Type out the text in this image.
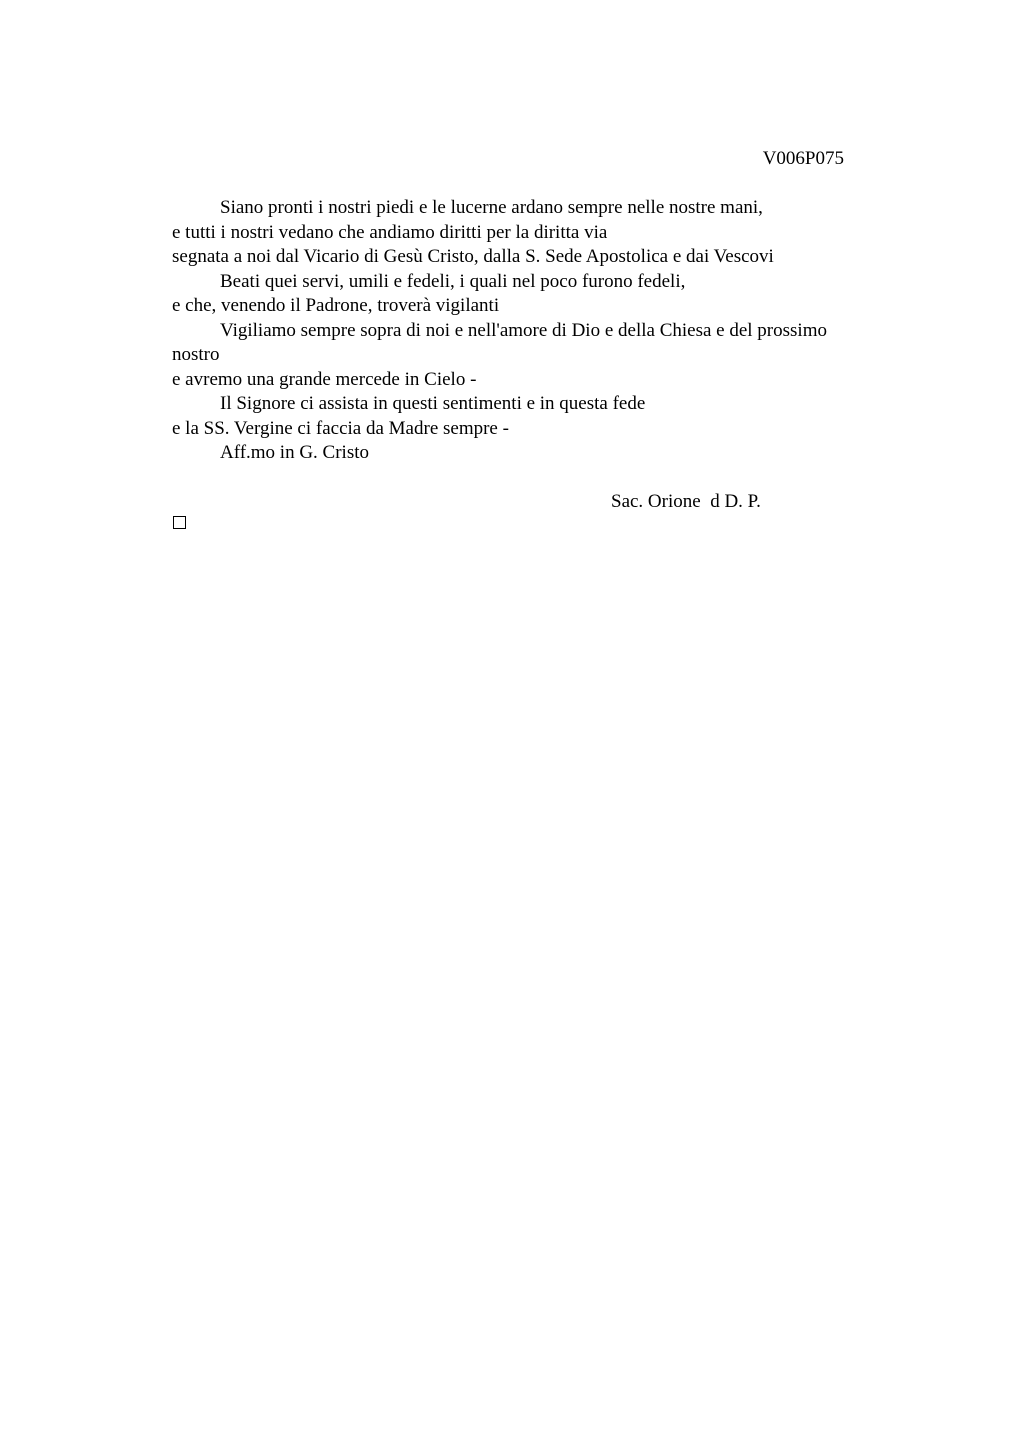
V006P075
Siano pronti i nostri piedi e le lucerne ardano sempre nelle nostre mani,
e tutti i nostri vedano che andiamo diritti per la diritta via
segnata a noi dal Vicario di Gesù Cristo, dalla S. Sede Apostolica e dai Vescovi
Beati quei servi, umili e fedeli, i quali nel poco furono fedeli,
e che, venendo il Padrone, troverà vigilanti
Vigiliamo sempre sopra di noi e nell'amore di Dio e della Chiesa e del prossimo
nostro
e avremo una grande mercede in Cielo -
Il Signore ci assista in questi sentimenti e in questa fede
e la SS. Vergine ci faccia da Madre sempre -
Aff.mo in G. Cristo
Sac. Orione  d D. P.
